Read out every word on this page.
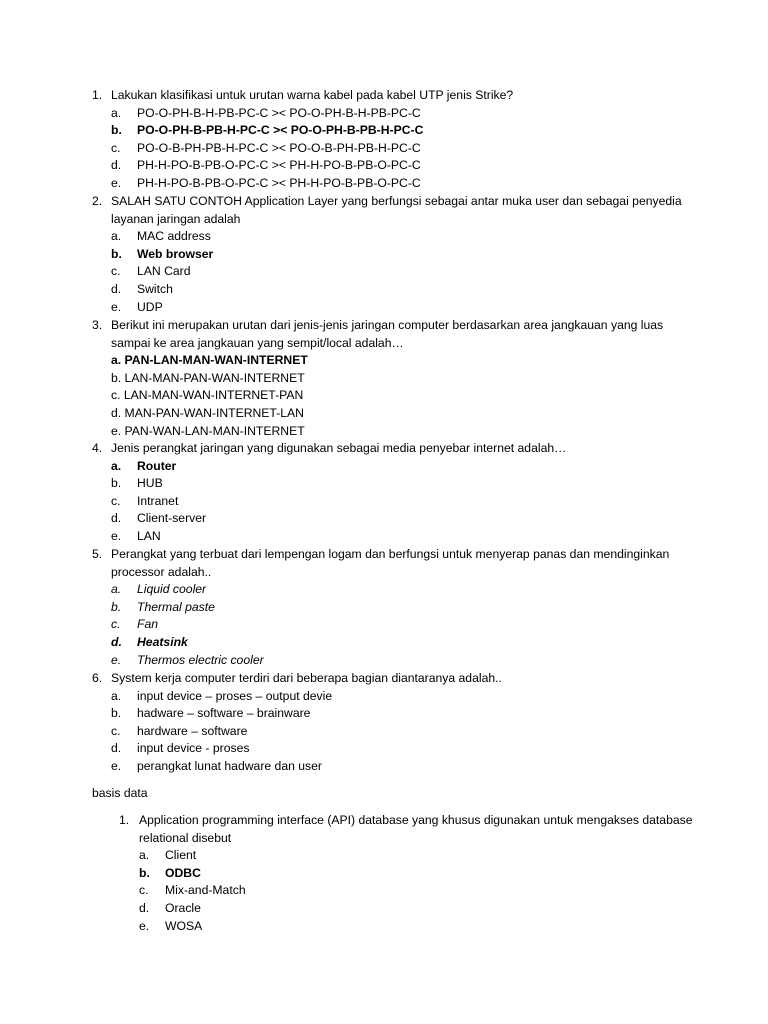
1. Lakukan klasifikasi untuk urutan warna kabel pada kabel UTP jenis Strike?
a.	PO-O-PH-B-H-PB-PC-C >< PO-O-PH-B-H-PB-PC-C
b.	PO-O-PH-B-PB-H-PC-C >< PO-O-PH-B-PB-H-PC-C
c.	PO-O-B-PH-PB-H-PC-C >< PO-O-B-PH-PB-H-PC-C
d.	PH-H-PO-B-PB-O-PC-C >< PH-H-PO-B-PB-O-PC-C
e.	PH-H-PO-B-PB-O-PC-C >< PH-H-PO-B-PB-O-PC-C
2. SALAH SATU CONTOH Application Layer yang berfungsi sebagai antar muka user dan sebagai penyedia layanan jaringan adalah
a.	MAC address
b.	Web browser
c.	LAN Card
d.	Switch
e.	UDP
3. Berikut ini merupakan urutan dari jenis-jenis jaringan computer berdasarkan area jangkauan yang luas sampai ke area jangkauan yang sempit/local adalah…
a. PAN-LAN-MAN-WAN-INTERNET
b. LAN-MAN-PAN-WAN-INTERNET
c. LAN-MAN-WAN-INTERNET-PAN
d. MAN-PAN-WAN-INTERNET-LAN
e. PAN-WAN-LAN-MAN-INTERNET
4. Jenis perangkat jaringan yang digunakan sebagai media penyebar internet adalah…
a.	Router
b.	HUB
c.	Intranet
d.	Client-server
e.	LAN
5. Perangkat yang terbuat dari lempengan logam dan berfungsi untuk menyerap panas dan mendinginkan processor adalah..
a.	Liquid cooler
b.	Thermal paste
c.	Fan
d.	Heatsink
e.	Thermos electric cooler
6. System kerja computer terdiri dari beberapa bagian diantaranya adalah..
a.	input device – proses – output devie
b.	hadware – software – brainware
c.	hardware – software
d.	input device - proses
e.	perangkat lunat hadware dan user
basis data
1. Application programming interface (API) database yang khusus digunakan untuk mengakses database relational disebut
a.	Client
b.	ODBC
c.	Mix-and-Match
d.	Oracle
e.	WOSA
